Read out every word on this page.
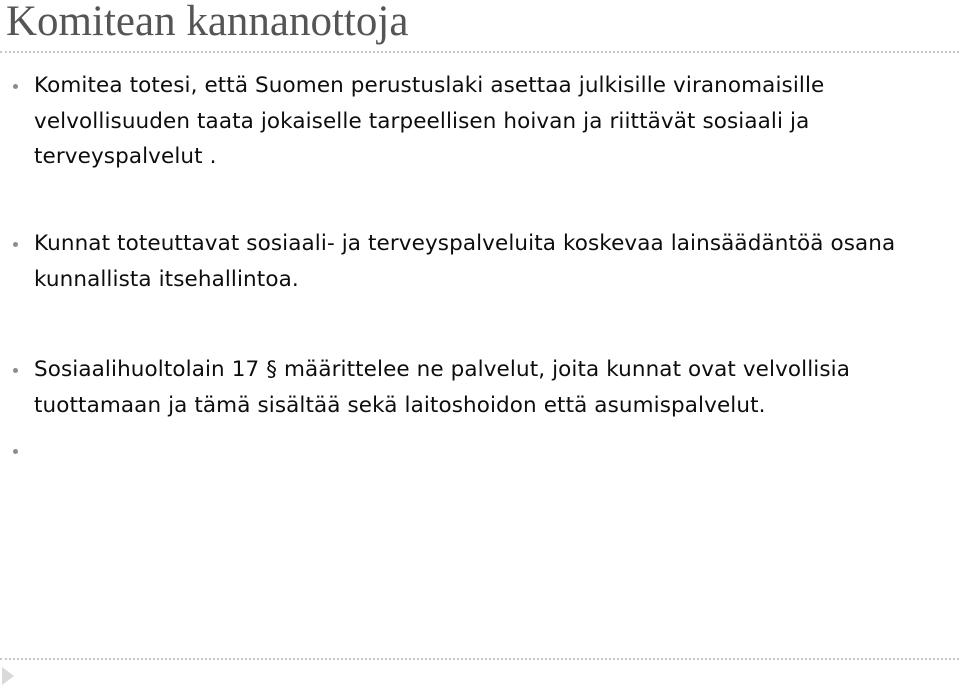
Komitean kannanottoja

Komitea totesi, että Suomen perustuslaki asettaa julkisille viranomaisille velvollisuuden taata jokaiselle tarpeellisen hoivan ja riittävät sosiaali ja terveyspalvelut .

Kunnat toteuttavat sosiaali- ja terveyspalveluita koskevaa lainsäädäntöä osana kunnallista itsehallintoa.

Sosiaalihuoltolain 17 § määrittelee ne palvelut, joita kunnat ovat velvollisia tuottamaan ja tämä sisältää sekä laitoshoidon että asumispalvelut.
